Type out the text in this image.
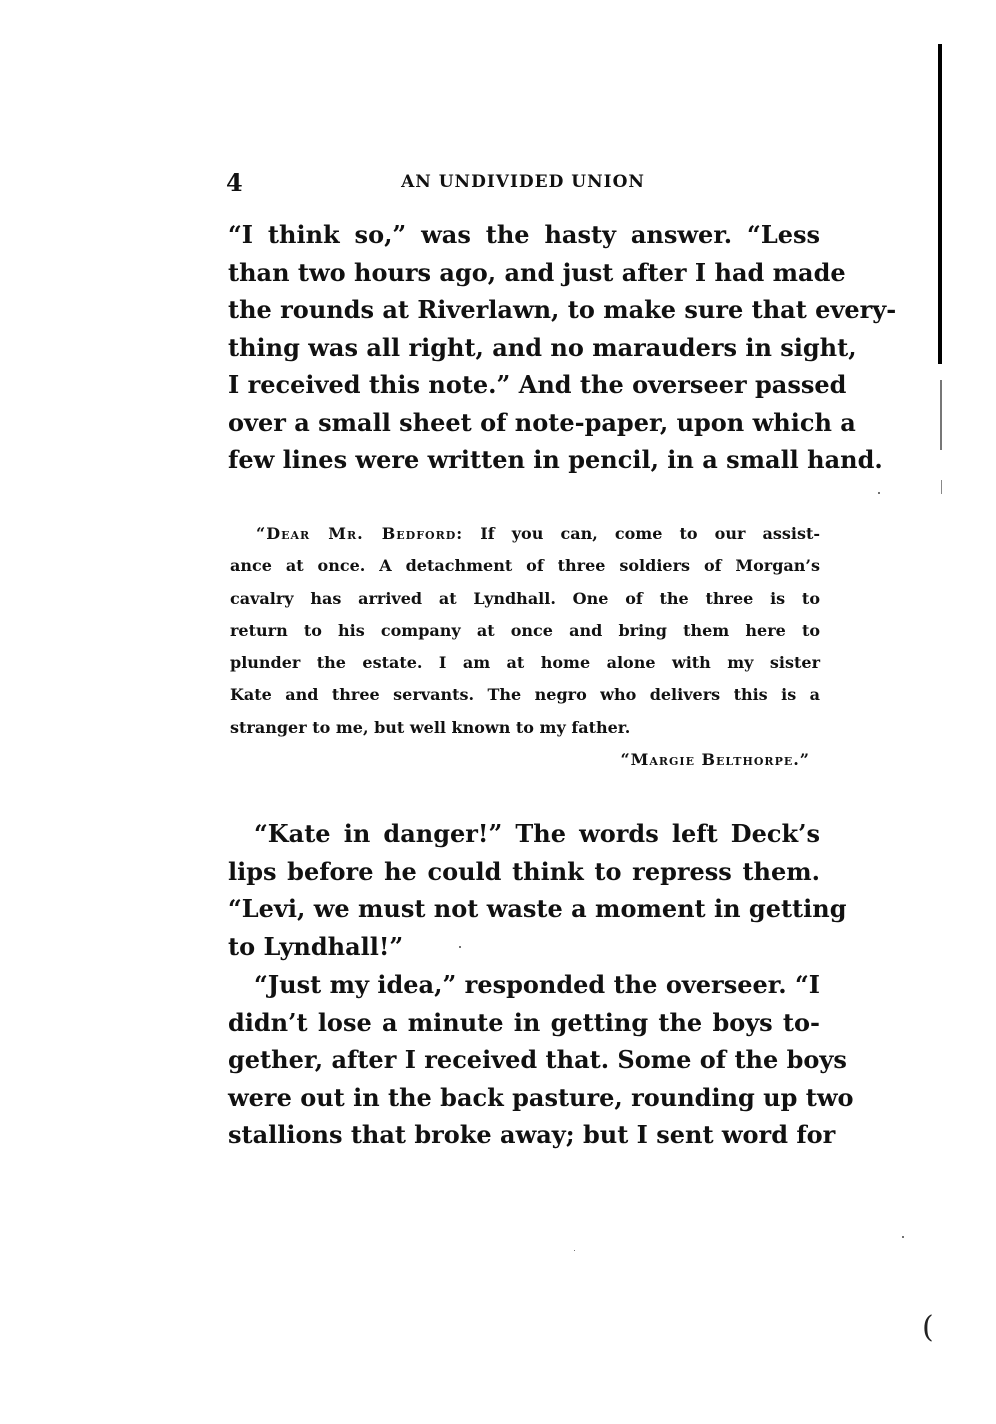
4	AN UNDIVIDED UNION
“I think so,” was the hasty answer. “Less
than two hours ago, and just after I had made
the rounds at Riverlawn, to make sure that every-
thing was all right, and no marauders in sight,
I received this note.” And the overseer passed
over a small sheet of note-paper, upon which a
few lines were written in pencil, in a small hand.
“Dear Mr. Bedford: If you can, come to our assist-
ance at once. A detachment of three soldiers of Morgan’s
cavalry has arrived at Lyndhall. One of the three is to
return to his company at once and bring them here to
plunder the estate. I am at home alone with my sister
Kate and three servants. The negro who delivers this is a
stranger to me, but well known to my father.
“Margie Belthorpe.”
“Kate in danger!” The words left Deck’s
lips before he could think to repress them.
“Levi, we must not waste a moment in getting
to Lyndhall!”
“Just my idea,” responded the overseer. “I
didn’t lose a minute in getting the boys to-
gether, after I received that. Some of the boys
were out in the back pasture, rounding up two
stallions that broke away; but I sent word for
(
